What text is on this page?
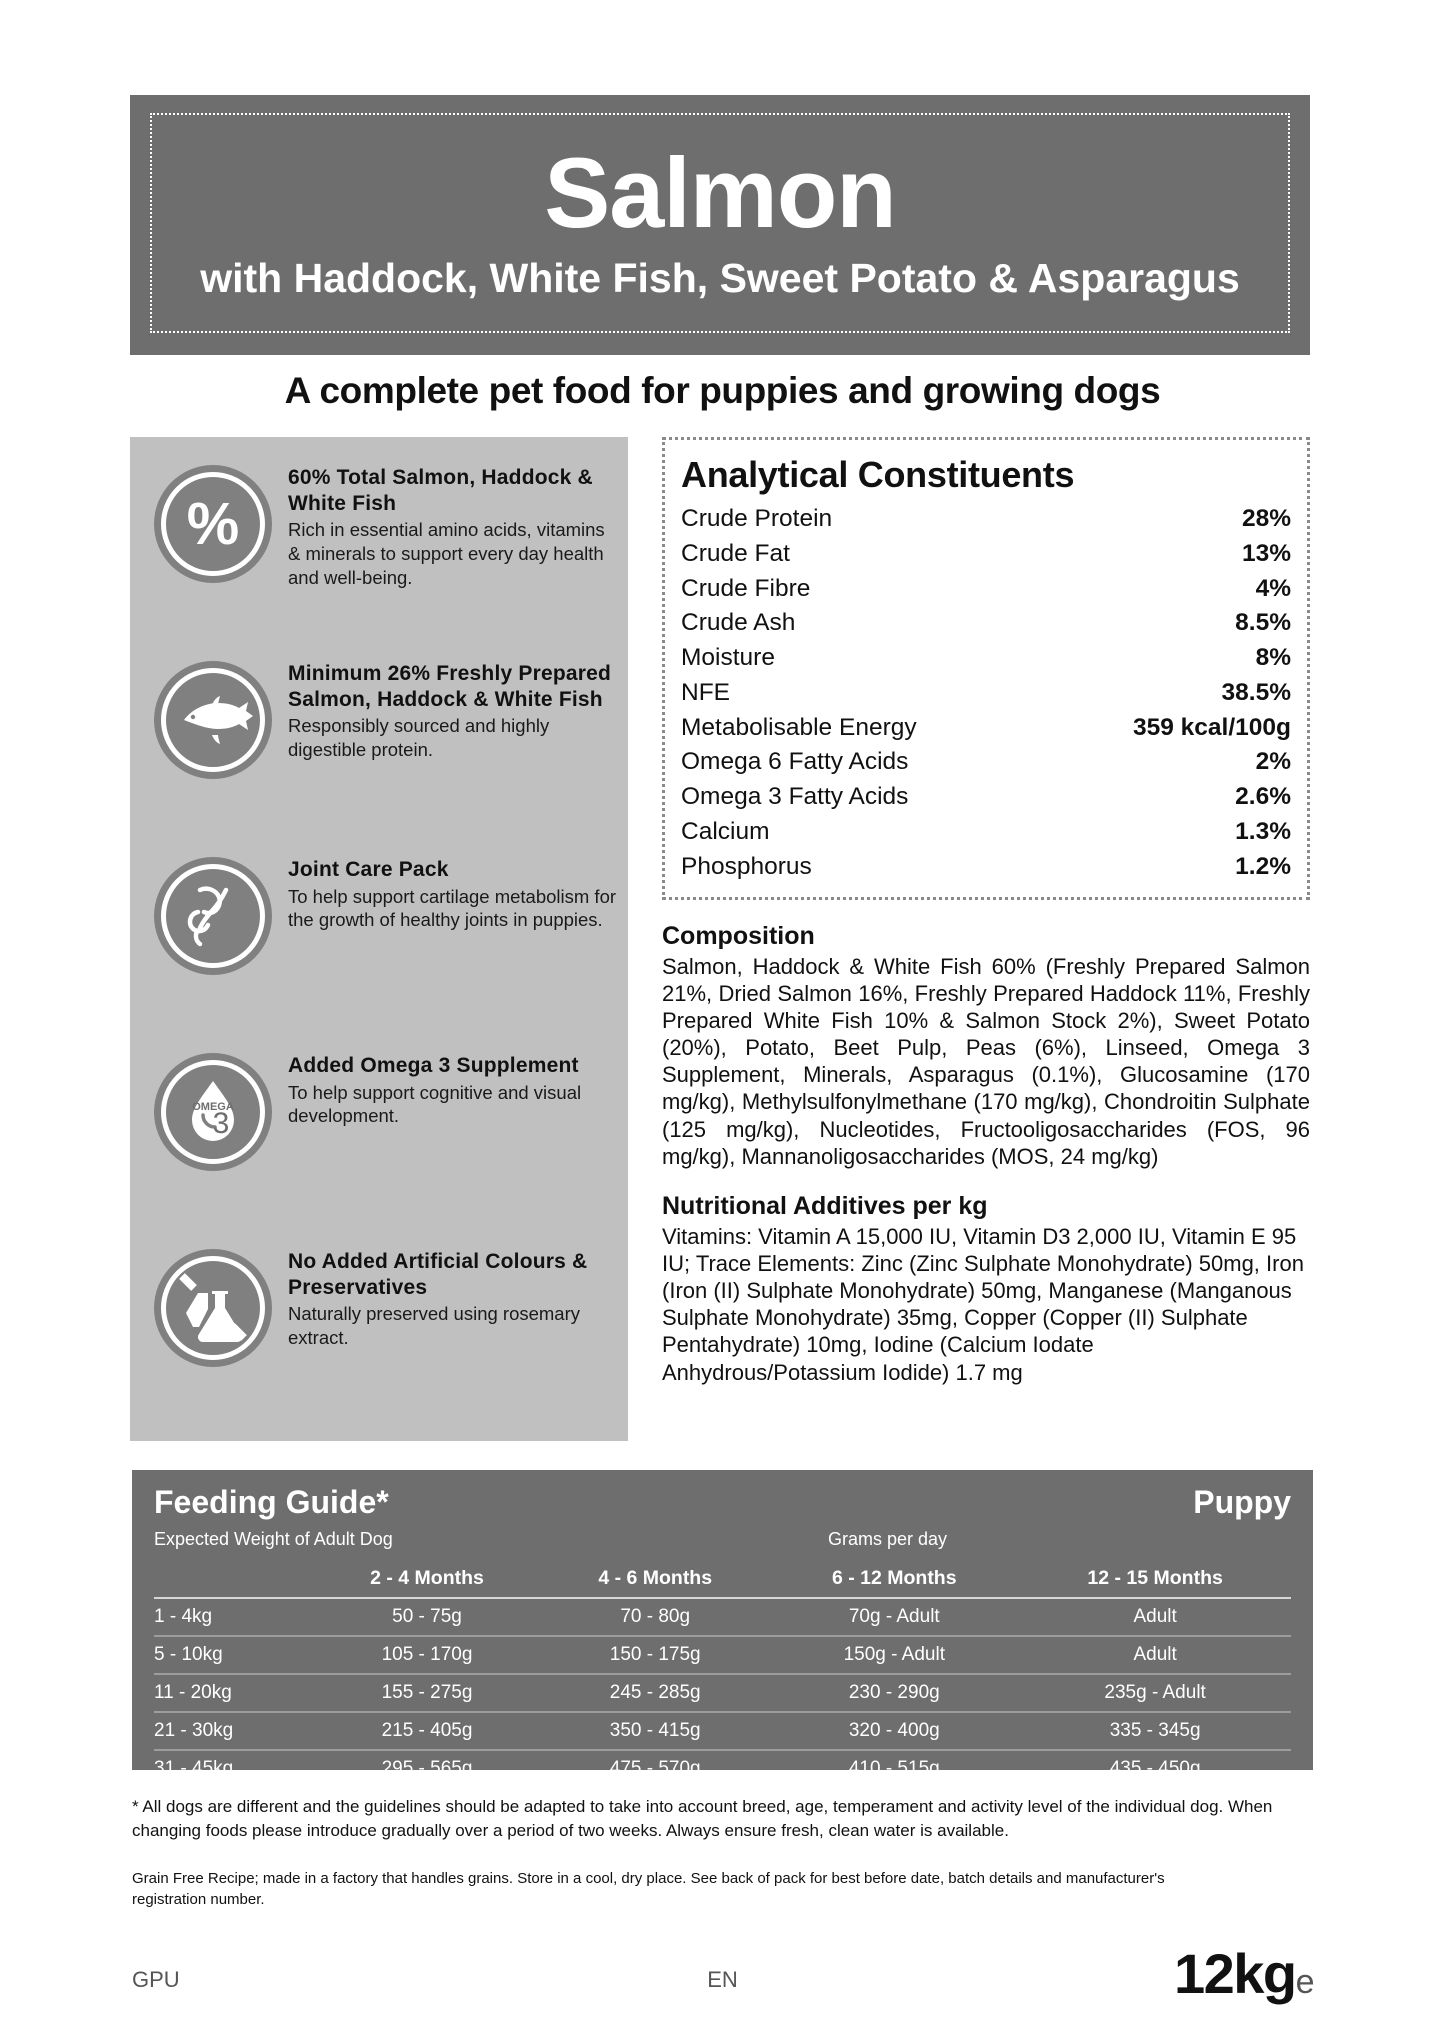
Salmon
with Haddock, White Fish, Sweet Potato & Asparagus
A complete pet food for puppies and growing dogs
%
60% Total Salmon, Haddock & White Fish
Rich in essential amino acids, vitamins & minerals to support every day health and well-being.
Minimum 26% Freshly Prepared Salmon, Haddock & White Fish
Responsibly sourced and highly digestible protein.
Joint Care Pack
To help support cartilage metabolism for the growth of healthy joints in puppies.
OMEGA
3
Added Omega 3 Supplement
To help support cognitive and visual development.
No Added Artificial Colours & Preservatives
Naturally preserved using rosemary extract.
Analytical Constituents
Crude Protein	28%
Crude Fat	13%
Crude Fibre	4%
Crude Ash	8.5%
Moisture	8%
NFE	38.5%
Metabolisable Energy	359 kcal/100g
Omega 6 Fatty Acids	2%
Omega 3 Fatty Acids	2.6%
Calcium	1.3%
Phosphorus	1.2%
Composition
Salmon, Haddock & White Fish 60% (Freshly Prepared Salmon 21%, Dried Salmon 16%, Freshly Prepared Haddock 11%, Freshly Prepared White Fish 10% & Salmon Stock 2%), Sweet Potato (20%), Potato, Beet Pulp, Peas (6%), Linseed, Omega 3 Supplement, Minerals, Asparagus (0.1%), Glucosamine (170 mg/kg), Methylsulfonylmethane (170 mg/kg), Chondroitin Sulphate (125 mg/kg), Nucleotides, Fructooligosaccharides (FOS, 96 mg/kg), Mannanoligosaccharides (MOS, 24 mg/kg)
Nutritional Additives per kg
Vitamins: Vitamin A 15,000 IU, Vitamin D3 2,000 IU, Vitamin E 95 IU; Trace Elements: Zinc (Zinc Sulphate Monohydrate) 50mg, Iron (Iron (II) Sulphate Monohydrate) 50mg, Manganese (Manganous Sulphate Monohydrate) 35mg, Copper (Copper (II) Sulphate Pentahydrate) 10mg, Iodine (Calcium Iodate Anhydrous/Potassium Iodide) 1.7 mg
Feeding Guide*	Puppy
Expected Weight of Adult Dog	Grams per day
	2 - 4 Months	4 - 6 Months	6 - 12 Months	12 - 15 Months
1 - 4kg	50 - 75g	70 - 80g	70g - Adult	Adult
5 - 10kg	105 - 170g	150 - 175g	150g - Adult	Adult
11 - 20kg	155 - 275g	245 - 285g	230 - 290g	235g - Adult
21 - 30kg	215 - 405g	350 - 415g	320 - 400g	335 - 345g
31 - 45kg	295 - 565g	475 - 570g	410 - 515g	435 - 450g
* All dogs are different and the guidelines should be adapted to take into account breed, age, temperament and activity level of the individual dog. When changing foods please introduce gradually over a period of two weeks. Always ensure fresh, clean water is available.
Grain Free Recipe; made in a factory that handles grains. Store in a cool, dry place. See back of pack for best before date, batch details and manufacturer's registration number.
GPU	EN	12kge
